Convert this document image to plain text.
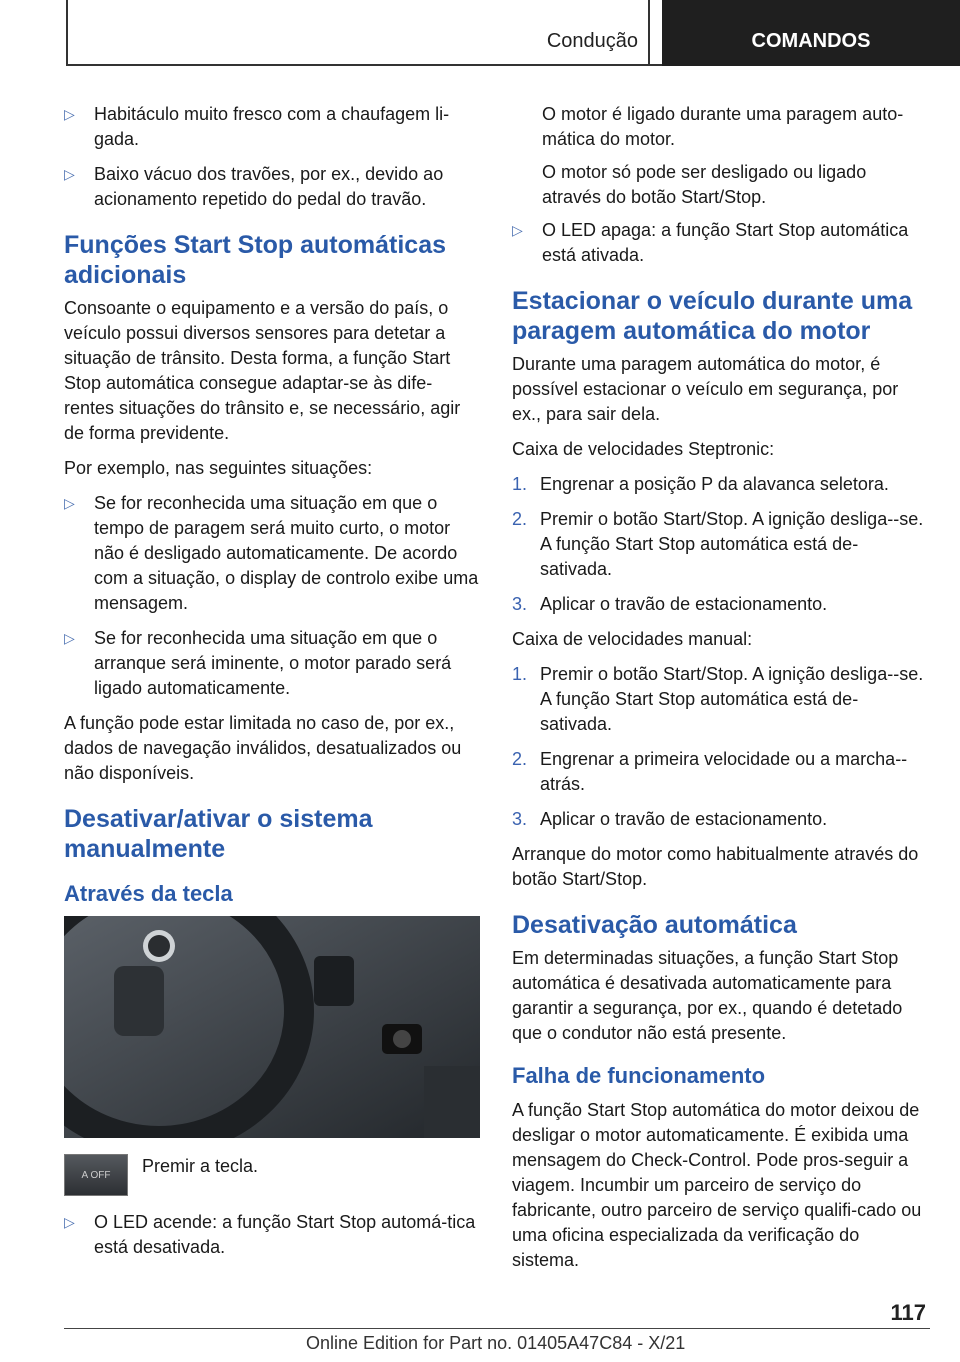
Condução	COMANDOS
▷	Habitáculo muito fresco com a chaufagem li-gada.
▷	Baixo vácuo dos travões, por ex., devido ao acionamento repetido do pedal do travão.
Funções Start Stop automáticas adicionais

Consoante o equipamento e a versão do país, o veículo possui diversos sensores para detetar a situação de trânsito. Desta forma, a função Start Stop automática consegue adaptar-se às dife-rentes situações do trânsito e, se necessário, agir de forma previdente.

Por exemplo, nas seguintes situações:

▷	Se for reconhecida uma situação em que o tempo de paragem será muito curto, o motor não é desligado automaticamente. De acordo com a situação, o display de controlo exibe uma mensagem.
▷	Se for reconhecida uma situação em que o arranque será iminente, o motor parado será ligado automaticamente.

A função pode estar limitada no caso de, por ex., dados de navegação inválidos, desatualizados ou não disponíveis.

Desativar/ativar o sistema manualmente
Através da tecla
A OFF Premir a tecla.
▷	O LED acende: a função Start Stop automá-tica está desativada.

O motor é ligado durante uma paragem auto-mática do motor.

O motor só pode ser desligado ou ligado através do botão Start/Stop.

▷	O LED apaga: a função Start Stop automática está ativada.
Estacionar o veículo durante uma paragem automática do motor

Durante uma paragem automática do motor, é possível estacionar o veículo em segurança, por ex., para sair dela.

Caixa de velocidades Steptronic:

1. Engrenar a posição P da alavanca seletora.
2. Premir o botão Start/Stop. A ignição desliga--se. A função Start Stop automática está de-sativada.
3. Aplicar o travão de estacionamento.

Caixa de velocidades manual:

1. Premir o botão Start/Stop. A ignição desliga--se. A função Start Stop automática está de-sativada.
2. Engrenar a primeira velocidade ou a marcha--atrás.
3. Aplicar o travão de estacionamento.

Arranque do motor como habitualmente através do botão Start/Stop.

Desativação automática

Em determinadas situações, a função Start Stop automática é desativada automaticamente para garantir a segurança, por ex., quando é detetado que o condutor não está presente.

Falha de funcionamento

A função Start Stop automática do motor deixou de desligar o motor automaticamente. É exibida uma mensagem do Check-Control. Pode pros-seguir a viagem. Incumbir um parceiro de serviço do fabricante, outro parceiro de serviço qualifi-cado ou uma oficina especializada da verificação do sistema.

117
Online Edition for Part no. 01405A47C84 - X/21
